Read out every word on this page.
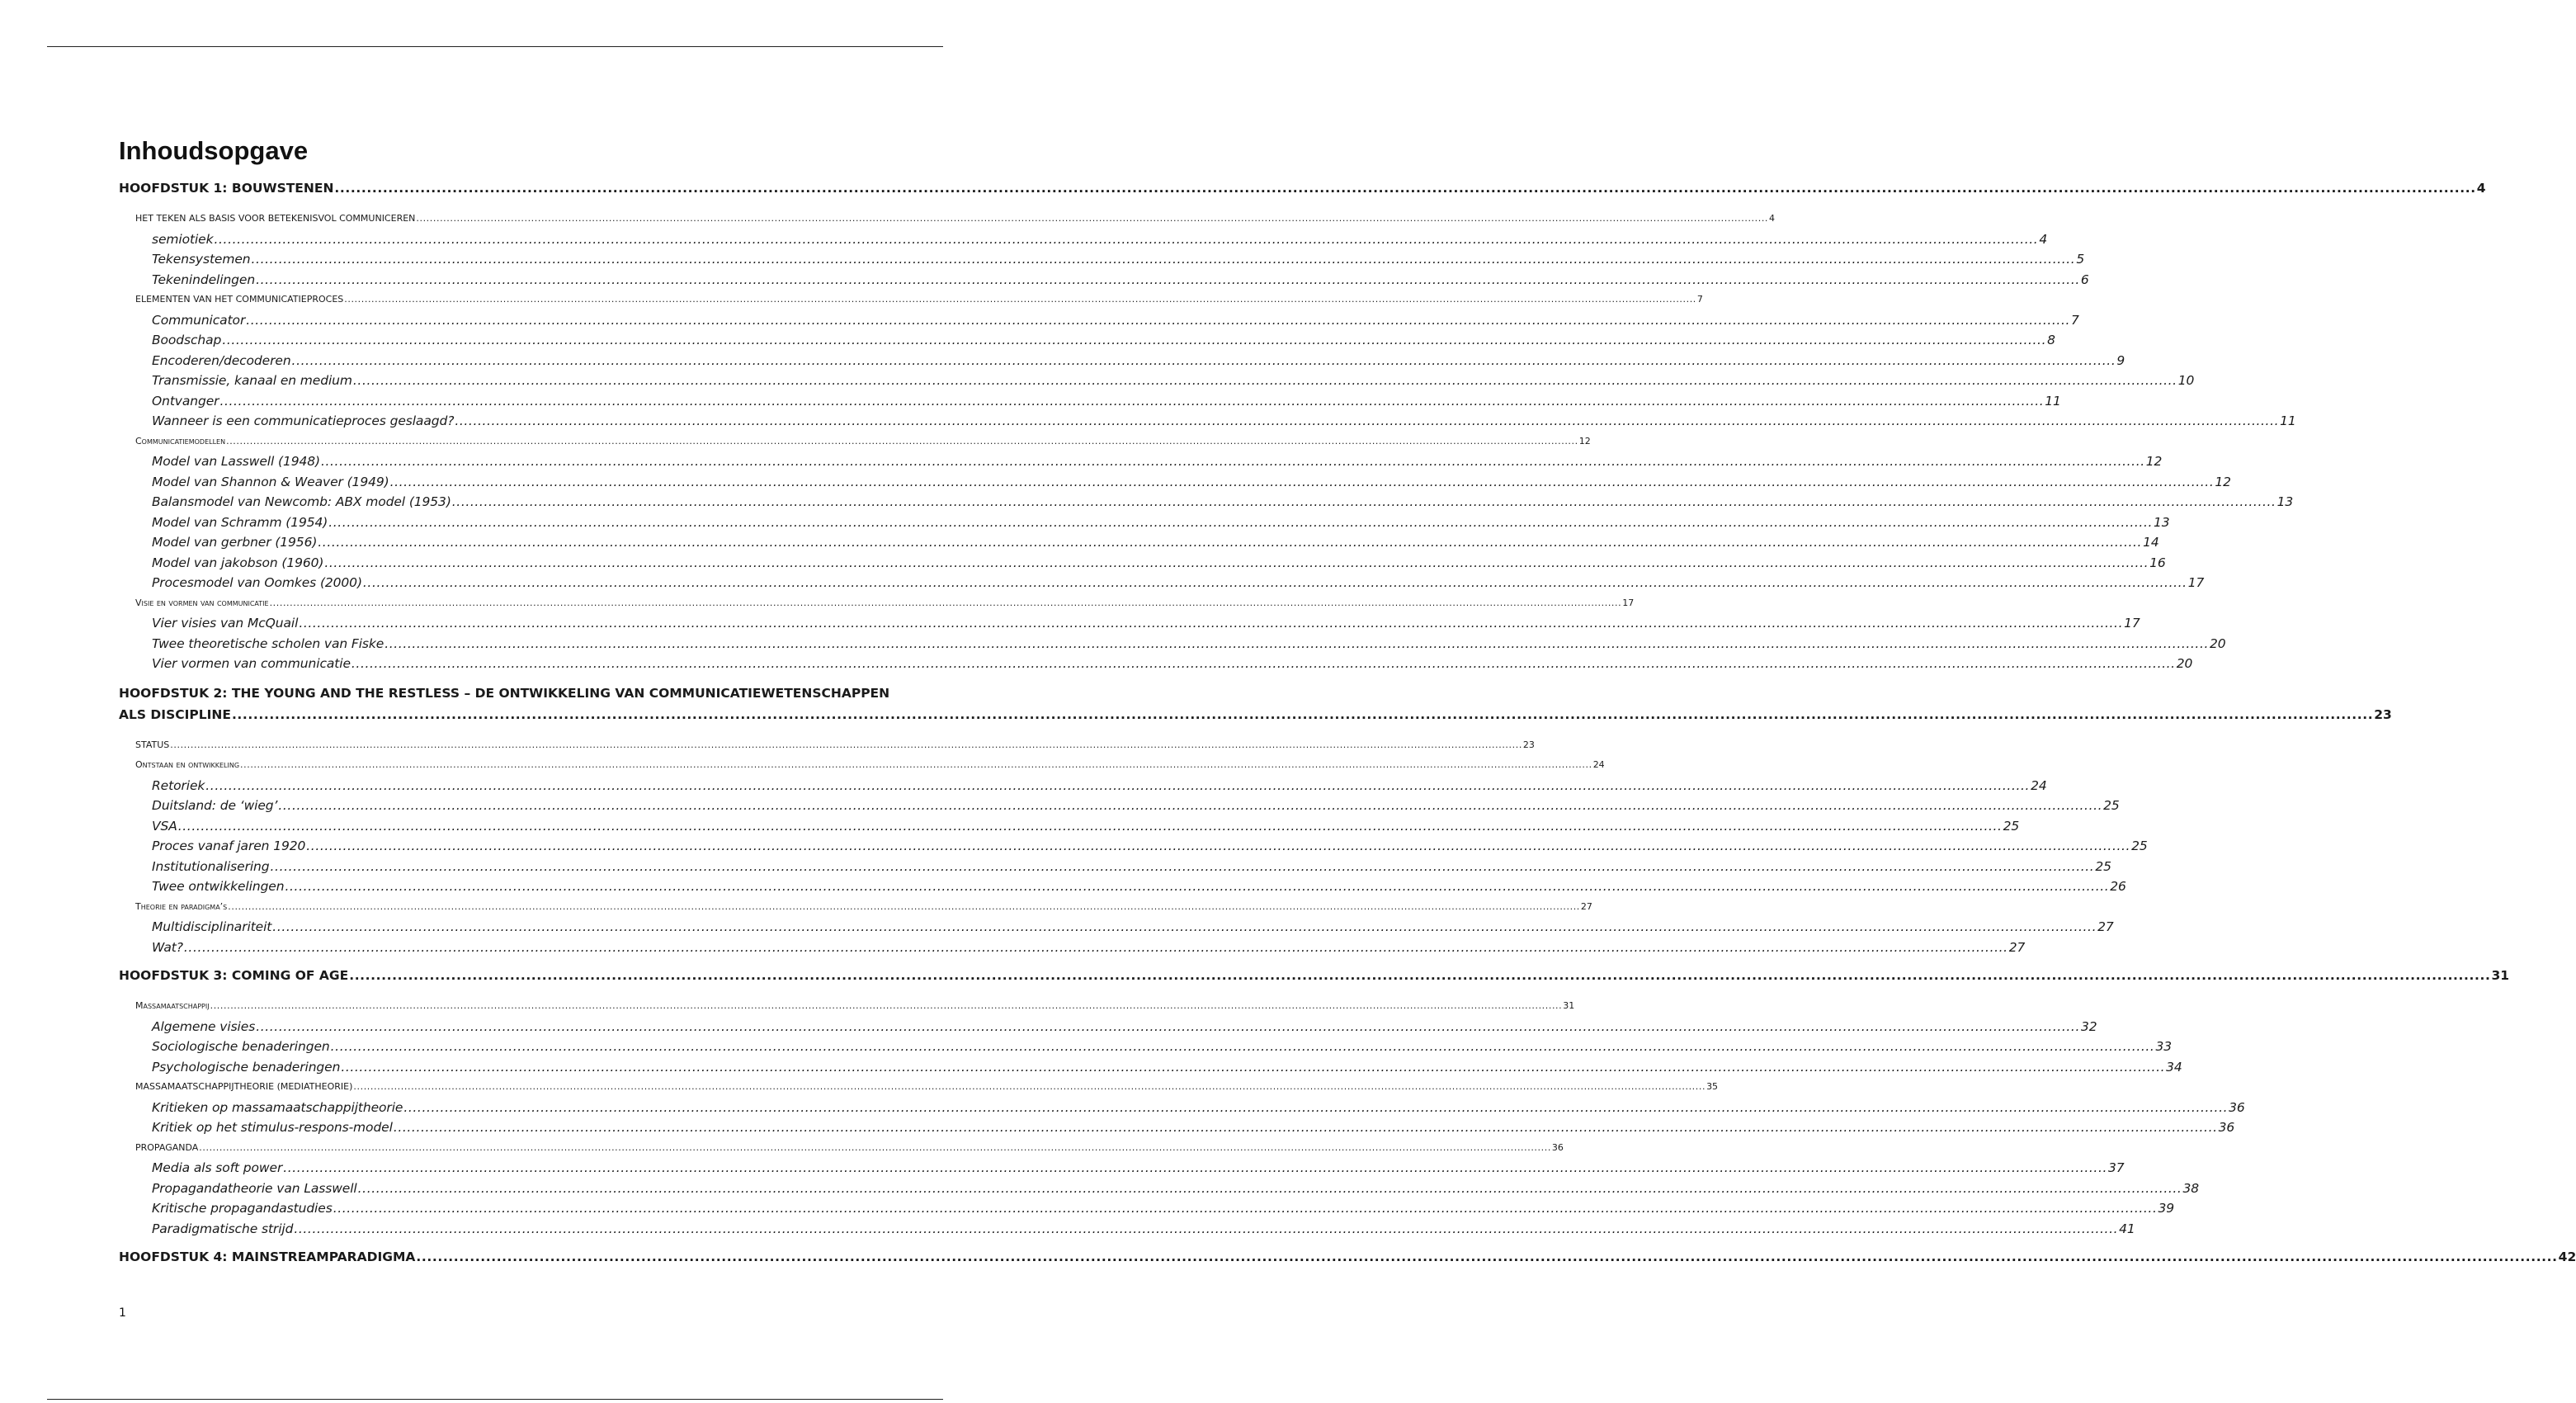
Inhoudsopgave
HOOFDSTUK 1: BOUWSTENEN ................................................................................................................................................................................................................................................................................................................................................................................................................ 4
HET TEKEN ALS BASIS VOOR BETEKENISVOL COMMUNICEREN ................................................................................................................................................................................................................................................................................................................................................................................................................ 4
semiotiek ................................................................................................................................................................................................................................................................................................................................................................................................................ 4
Tekensystemen ................................................................................................................................................................................................................................................................................................................................................................................................................ 5
Tekenindelingen ................................................................................................................................................................................................................................................................................................................................................................................................................ 6
ELEMENTEN VAN HET COMMUNICATIEPROCES ................................................................................................................................................................................................................................................................................................................................................................................................................ 7
Communicator ................................................................................................................................................................................................................................................................................................................................................................................................................ 7
Boodschap ................................................................................................................................................................................................................................................................................................................................................................................................................ 8
Encoderen/decoderen ................................................................................................................................................................................................................................................................................................................................................................................................................ 9
Transmissie, kanaal en medium ................................................................................................................................................................................................................................................................................................................................................................................................................ 10
Ontvanger ................................................................................................................................................................................................................................................................................................................................................................................................................ 11
Wanneer is een communicatieproces geslaagd? ................................................................................................................................................................................................................................................................................................................................................................................................................ 11
Communicatiemodellen ................................................................................................................................................................................................................................................................................................................................................................................................................ 12
Model van Lasswell (1948) ................................................................................................................................................................................................................................................................................................................................................................................................................ 12
Model van Shannon & Weaver (1949) ................................................................................................................................................................................................................................................................................................................................................................................................................ 12
Balansmodel van Newcomb: ABX model (1953) ................................................................................................................................................................................................................................................................................................................................................................................................................ 13
Model van Schramm (1954) ................................................................................................................................................................................................................................................................................................................................................................................................................ 13
Model van gerbner (1956) ................................................................................................................................................................................................................................................................................................................................................................................................................ 14
Model van jakobson (1960) ................................................................................................................................................................................................................................................................................................................................................................................................................ 16
Procesmodel van Oomkes (2000) ................................................................................................................................................................................................................................................................................................................................................................................................................ 17
Visie en vormen van communicatie ................................................................................................................................................................................................................................................................................................................................................................................................................ 17
Vier visies van McQuail ................................................................................................................................................................................................................................................................................................................................................................................................................ 17
Twee theoretische scholen van Fiske ................................................................................................................................................................................................................................................................................................................................................................................................................ 20
Vier vormen van communicatie ................................................................................................................................................................................................................................................................................................................................................................................................................ 20
HOOFDSTUK 2: THE YOUNG AND THE RESTLESS – DE ONTWIKKELING VAN COMMUNICATIEWETENSCHAPPEN
ALS DISCIPLINE ................................................................................................................................................................................................................................................................................................................................................................................................................ 23
STATUS ................................................................................................................................................................................................................................................................................................................................................................................................................ 23
Ontstaan en ontwikkeling ................................................................................................................................................................................................................................................................................................................................................................................................................ 24
Retoriek ................................................................................................................................................................................................................................................................................................................................................................................................................ 24
Duitsland: de ‘wieg’ ................................................................................................................................................................................................................................................................................................................................................................................................................ 25
VSA ................................................................................................................................................................................................................................................................................................................................................................................................................ 25
Proces vanaf jaren 1920 ................................................................................................................................................................................................................................................................................................................................................................................................................ 25
Institutionalisering ................................................................................................................................................................................................................................................................................................................................................................................................................ 25
Twee ontwikkelingen ................................................................................................................................................................................................................................................................................................................................................................................................................ 26
Theorie en paradigma’s ................................................................................................................................................................................................................................................................................................................................................................................................................ 27
Multidisciplinariteit ................................................................................................................................................................................................................................................................................................................................................................................................................ 27
Wat? ................................................................................................................................................................................................................................................................................................................................................................................................................ 27
HOOFDSTUK 3: COMING OF AGE ................................................................................................................................................................................................................................................................................................................................................................................................................ 31
Massamaatschappij ................................................................................................................................................................................................................................................................................................................................................................................................................ 31
Algemene visies ................................................................................................................................................................................................................................................................................................................................................................................................................ 32
Sociologische benaderingen ................................................................................................................................................................................................................................................................................................................................................................................................................ 33
Psychologische benaderingen ................................................................................................................................................................................................................................................................................................................................................................................................................ 34
MASSAMAATSCHAPPIJTHEORIE (MEDIATHEORIE) ................................................................................................................................................................................................................................................................................................................................................................................................................ 35
Kritieken op massamaatschappijtheorie ................................................................................................................................................................................................................................................................................................................................................................................................................ 36
Kritiek op het stimulus-respons-model ................................................................................................................................................................................................................................................................................................................................................................................................................ 36
PROPAGANDA ................................................................................................................................................................................................................................................................................................................................................................................................................ 36
Media als soft power ................................................................................................................................................................................................................................................................................................................................................................................................................ 37
Propagandatheorie van Lasswell ................................................................................................................................................................................................................................................................................................................................................................................................................ 38
Kritische propagandastudies ................................................................................................................................................................................................................................................................................................................................................................................................................ 39
Paradigmatische strijd ................................................................................................................................................................................................................................................................................................................................................................................................................ 41
HOOFDSTUK 4: MAINSTREAMPARADIGMA ................................................................................................................................................................................................................................................................................................................................................................................................................ 42
1
